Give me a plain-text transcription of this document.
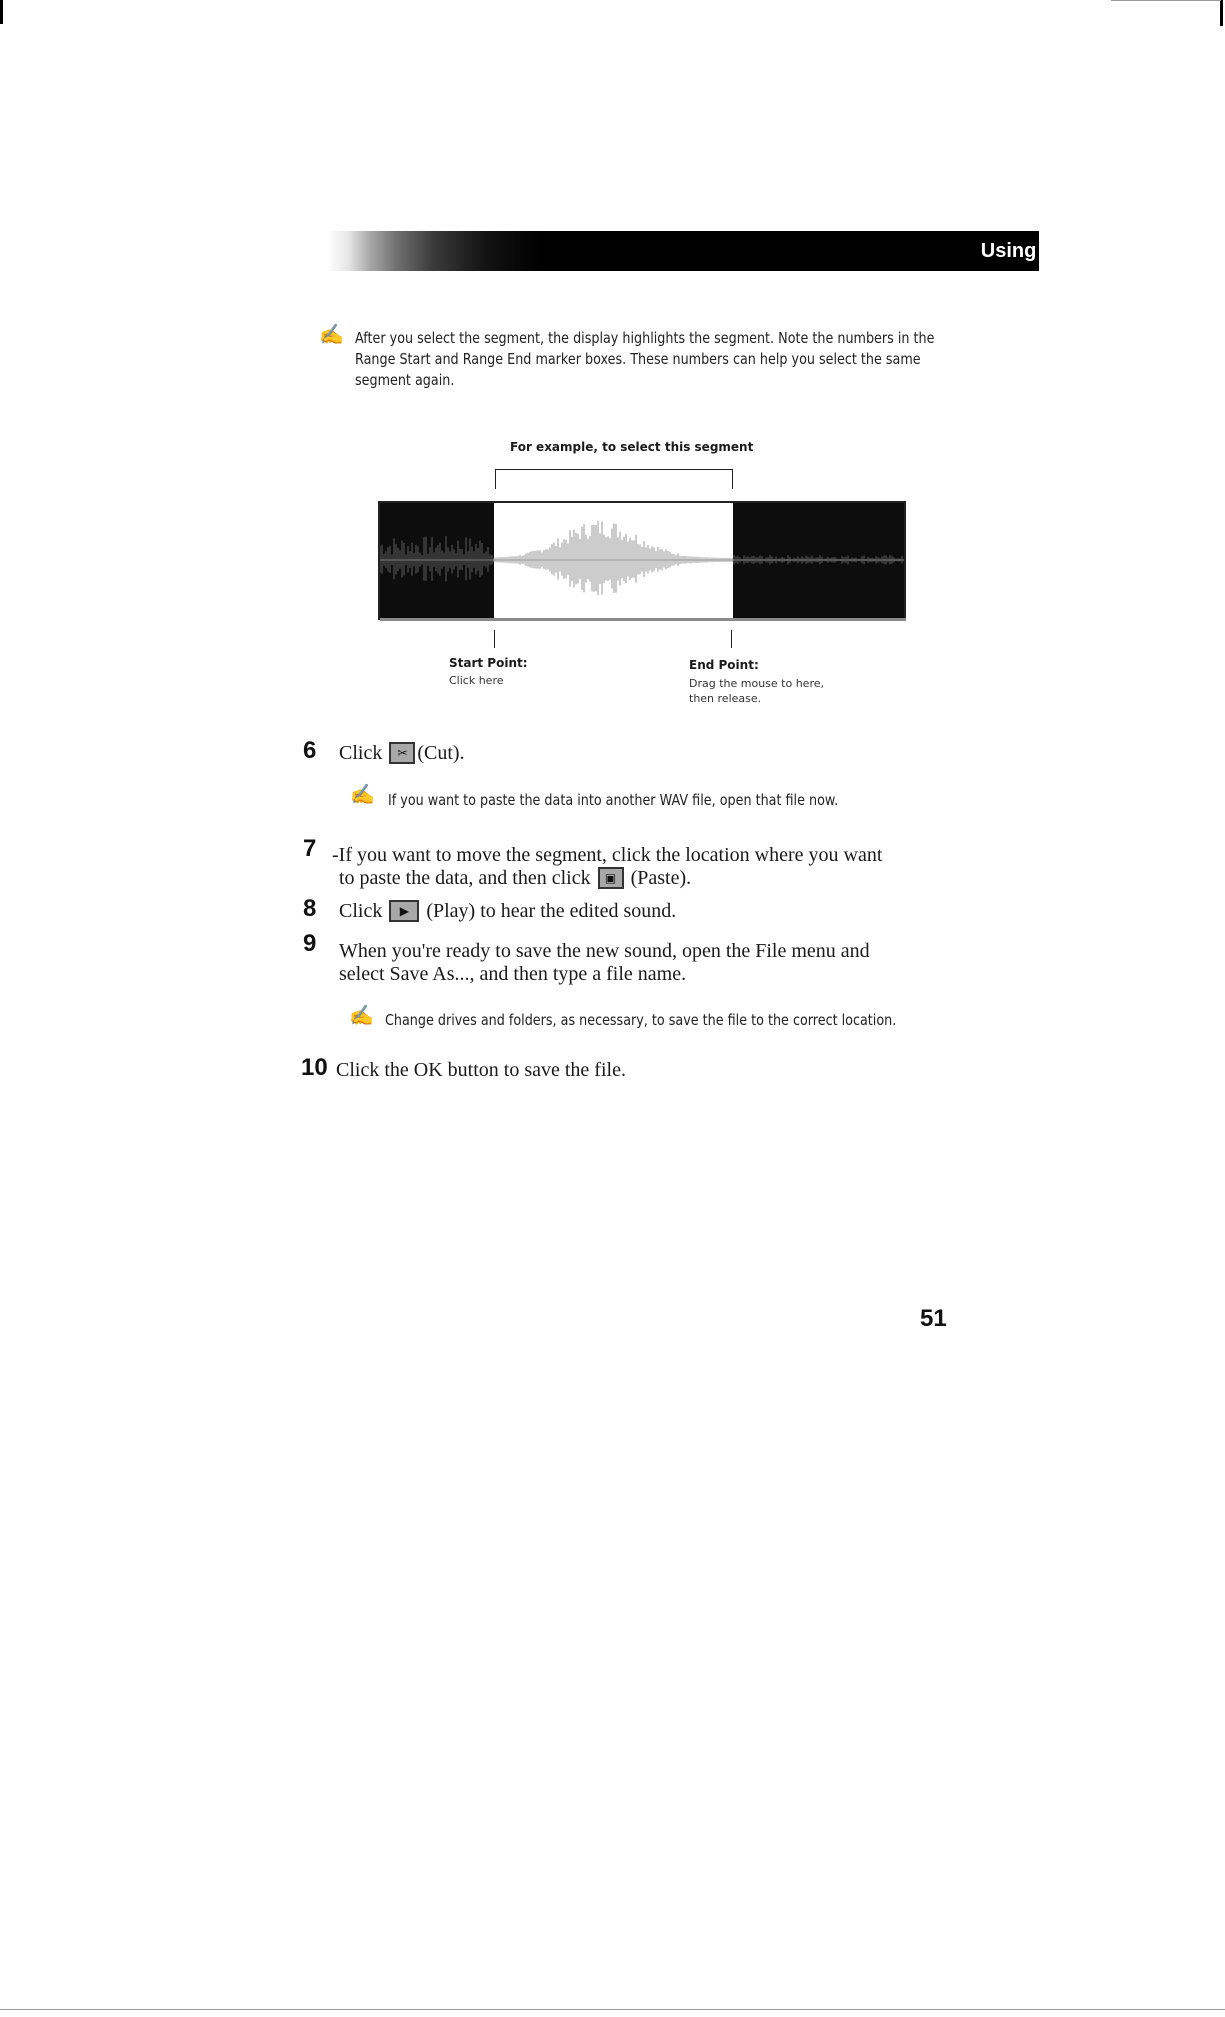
Using AudioView
✍ After you select the segment, the display highlights the segment. Note the numbers in the
Range Start and Range End marker boxes. These numbers can help you select the same
segment again.
For example, to select this segment
Start Point:
Click here
End Point:
Drag the mouse to here,
then release.
6 Click	✂ (Cut).
✍ If you want to paste the data into another WAV file, open that file now.
7 -If you want to move the segment, click the location where you want
to paste the data, and then click	▣ (Paste).
8 Click	▶ (Play) to hear the edited sound.
9 When you're ready to save the new sound, open the File menu and
select Save As..., and then type a file name.
✍ Change drives and folders, as necessary, to save the file to the correct location.
10 Click the OK button to save the file.
51
